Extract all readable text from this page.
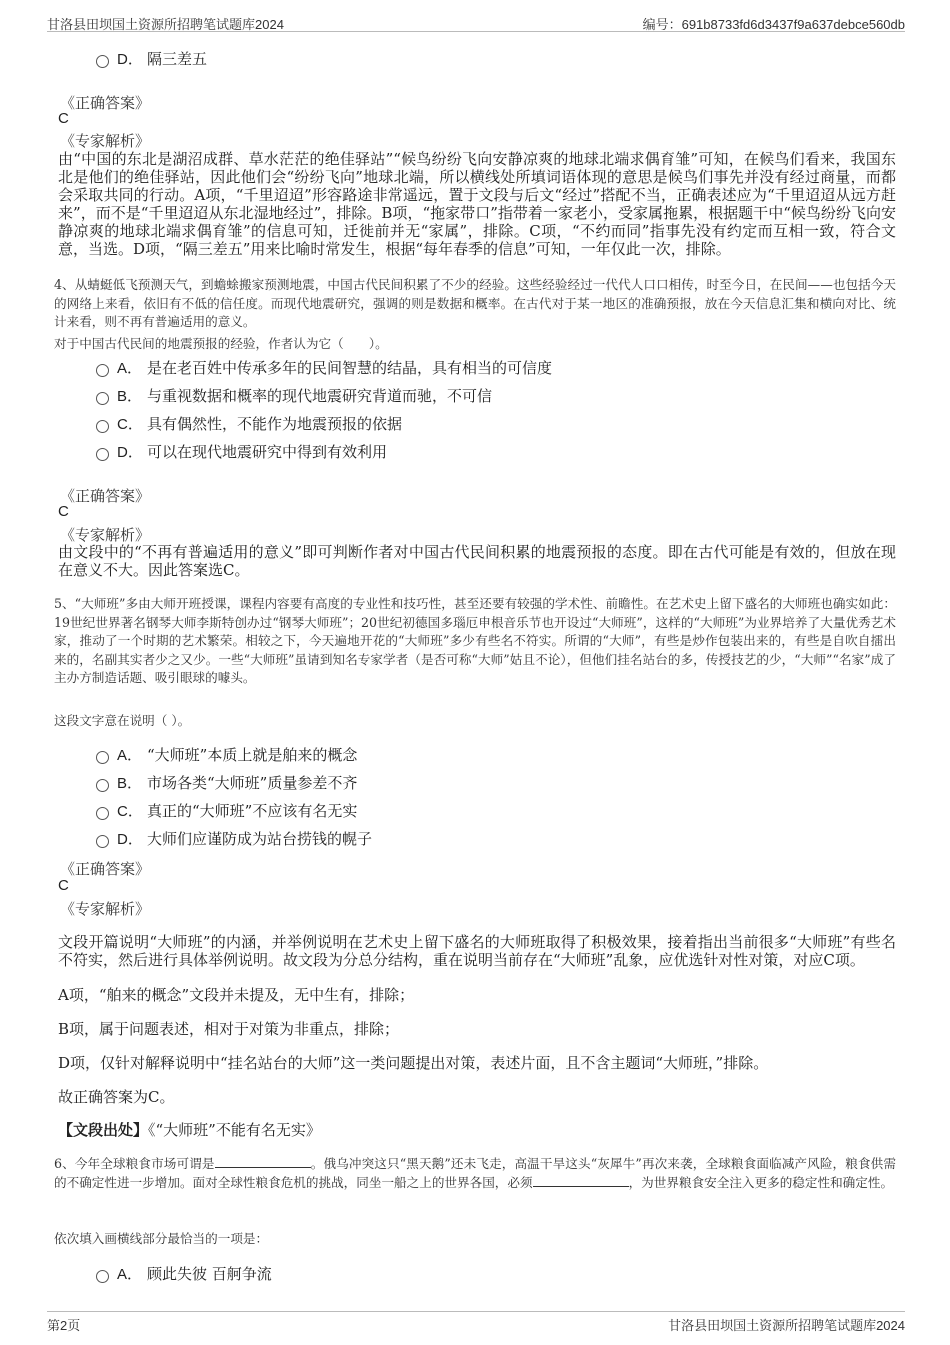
甘洛县田坝国土资源所招聘笔试题库2024	编号：691b8733fd6d3437f9a637debce560db
D． 隔三差五
《正确答案》
C
《专家解析》
由“中国的东北是湖沼成群、草水茫茫的绝佳驿站”“候鸟纷纷飞向安静凉爽的地球北端求偶育雏”可知，在候鸟们看来，我国东北是他们的绝佳驿站，因此他们会“纷纷飞向”地球北端，所以横线处所填词语体现的意思是候鸟们事先并没有经过商量，而都会采取共同的行动。A项，“千里迢迢”形容路途非常遥远，置于文段与后文“经过”搭配不当，正确表述应为“千里迢迢从远方赶来”，而不是“千里迢迢从东北湿地经过”，排除。B项，“拖家带口”指带着一家老小，受家属拖累，根据题干中“候鸟纷纷飞向安静凉爽的地球北端求偶育雏”的信息可知，迁徙前并无“家属”，排除。C项，“不约而同”指事先没有约定而互相一致，符合文意，当选。D项，“隔三差五”用来比喻时常发生，根据“每年春季的信息”可知，一年仅此一次，排除。
4、从蜻蜓低飞预测天气，到蟾蜍搬家预测地震，中国古代民间积累了不少的经验。这些经验经过一代代人口口相传，时至今日，在民间——也包括今天的网络上来看，依旧有不低的信任度。而现代地震研究，强调的则是数据和概率。在古代对于某一地区的准确预报，放在今天信息汇集和横向对比、统计来看，则不再有普遍适用的意义。
对于中国古代民间的地震预报的经验，作者认为它（　　）。
A． 是在老百姓中传承多年的民间智慧的结晶，具有相当的可信度
B． 与重视数据和概率的现代地震研究背道而驰，不可信
C． 具有偶然性，不能作为地震预报的依据
D． 可以在现代地震研究中得到有效利用
《正确答案》
C
《专家解析》
由文段中的“不再有普遍适用的意义”即可判断作者对中国古代民间积累的地震预报的态度。即在古代可能是有效的，但放在现在意义不大。因此答案选C。
5、“大师班”多由大师开班授课，课程内容要有高度的专业性和技巧性，甚至还要有较强的学术性、前瞻性。在艺术史上留下盛名的大师班也确实如此：19世纪世界著名钢琴大师李斯特创办过“钢琴大师班”；20世纪初德国多瑙厄申根音乐节也开设过“大师班”，这样的“大师班”为业界培养了大量优秀艺术家，推动了一个时期的艺术繁荣。相较之下，今天遍地开花的“大师班”多少有些名不符实。所谓的“大师”，有些是炒作包装出来的，有些是自吹自擂出来的，名副其实者少之又少。一些“大师班”虽请到知名专家学者（是否可称“大师”姑且不论），但他们挂名站台的多，传授技艺的少，“大师”“名家”成了主办方制造话题、吸引眼球的噱头。
这段文字意在说明（ ）。
A． “大师班”本质上就是舶来的概念
B． 市场各类“大师班”质量参差不齐
C． 真正的“大师班”不应该有名无实
D． 大师们应谨防成为站台捞钱的幌子
《正确答案》
C
《专家解析》
文段开篇说明“大师班”的内涵，并举例说明在艺术史上留下盛名的大师班取得了积极效果，接着指出当前很多“大师班”有些名不符实，然后进行具体举例说明。故文段为分总分结构，重在说明当前存在“大师班”乱象，应优选针对性对策，对应C项。
A项，“舶来的概念”文段并未提及，无中生有，排除；
B项，属于问题表述，相对于对策为非重点，排除；
D项，仅针对解释说明中“挂名站台的大师”这一类问题提出对策，表述片面，且不含主题词“大师班，”排除。
故正确答案为C。
【文段出处】《“大师班”不能有名无实》
6、今年全球粮食市场可谓是	。俄乌冲突这只“黑天鹅”还未飞走，高温干旱这头“灰犀牛”再次来袭，全球粮食面临减产风险，粮食供需的不确定性进一步增加。面对全球性粮食危机的挑战，同坐一船之上的世界各国，必须	，为世界粮食安全注入更多的稳定性和确定性。
依次填入画横线部分最恰当的一项是：
A． 顾此失彼 百舸争流
第2页	甘洛县田坝国土资源所招聘笔试题库2024
